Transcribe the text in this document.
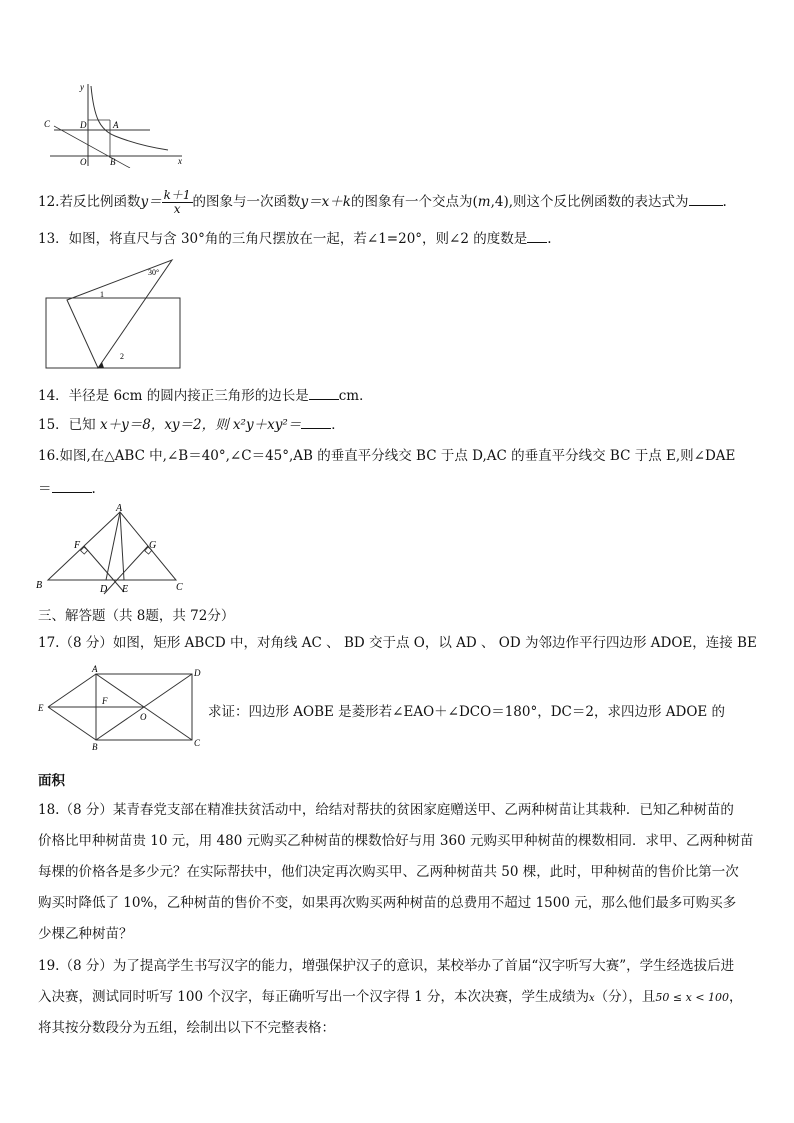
y
x
C	D	A
O	B
12.若反比例函数$y= \frac{k+1}{x}$ 的图象与一次函数y＝x＋k的图象有一个交点为(m,4),则这个反比例函数的表达式为	.
13．如图，将直尺与含 30°角的三角尺摆放在一起，若∠1=20°，则∠2 的度数是 .
30°
1
2
14．半径是 6cm 的圆内接正三角形的边长是 cm．
15．已知 x＋y＝8，xy＝2，则 x²y＋xy²＝ ．
16.如图,在△ABC 中,∠B＝40°,∠C＝45°,AB 的垂直平分线交 BC 于点 D,AC 的垂直平分线交 BC 于点 E,则∠DAE
＝	.
A
F	G
B	D E	C
三、解答题（共 8题，共 72分）
17.（8 分）如图，矩形 ABCD 中，对角线 AC 、 BD 交于点 O，以 AD 、 OD 为邻边作平行四边形 ADOE，连接 BE
A	D
E
F
O
B	C
求证：四边形 AOBE 是菱形若∠EAO＋∠DCO＝180°，DC＝2，求四边形 ADOE 的
面积
18.（8 分）某青春党支部在精准扶贫活动中，给结对帮扶的贫困家庭赠送甲、乙两种树苗让其栽种．已知乙种树苗的
价格比甲种树苗贵 10 元，用 480 元购买乙种树苗的棵数恰好与用 360 元购买甲种树苗的棵数相同．求甲、乙两种树苗
每棵的价格各是多少元？在实际帮扶中，他们决定再次购买甲、乙两种树苗共 50 棵，此时，甲种树苗的售价比第一次
购买时降低了 10%，乙种树苗的售价不变，如果再次购买两种树苗的总费用不超过 1500 元，那么他们最多可购买多
少棵乙种树苗？
19.（8 分）为了提高学生书写汉字的能力，增强保护汉子的意识，某校举办了首届“汉字听写大赛”，学生经选拔后进
入决赛，测试同时听写 100 个汉字，每正确听写出一个汉字得 1 分，本次决赛，学生成绩为x（分），且50 ≤ x < 100，
将其按分数段分为五组，绘制出以下不完整表格：
